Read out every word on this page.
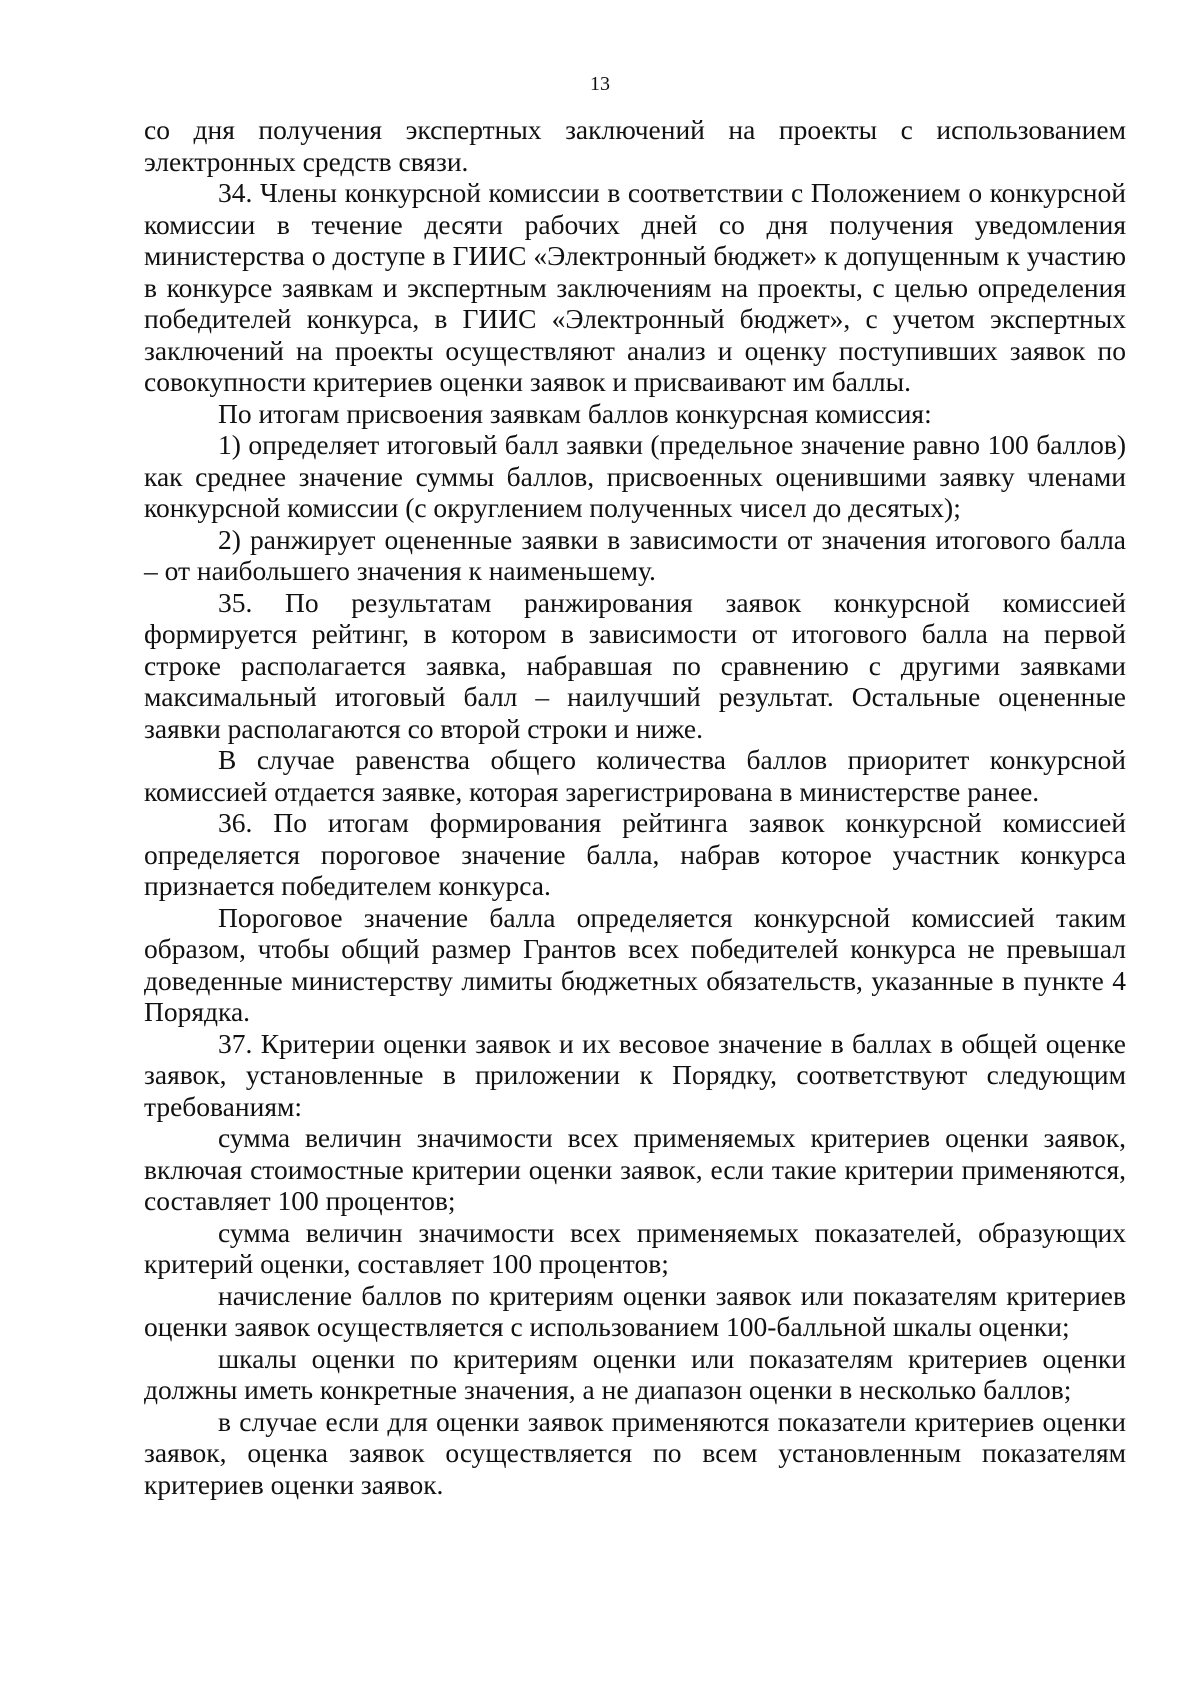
13

со дня получения экспертных заключений на проекты с использованием электронных средств связи.

34. Члены конкурсной комиссии в соответствии с Положением о конкурсной комиссии в течение десяти рабочих дней со дня получения уведомления министерства о доступе в ГИИС «Электронный бюджет» к допущенным к участию в конкурсе заявкам и экспертным заключениям на проекты, с целью определения победителей конкурса, в ГИИС «Электронный бюджет», с учетом экспертных заключений на проекты осуществляют анализ и оценку поступивших заявок по совокупности критериев оценки заявок и присваивают им баллы.

По итогам присвоения заявкам баллов конкурсная комиссия:

1) определяет итоговый балл заявки (предельное значение равно 100 баллов) как среднее значение суммы баллов, присвоенных оценившими заявку членами конкурсной комиссии (с округлением полученных чисел до десятых);

2) ранжирует оцененные заявки в зависимости от значения итогового балла – от наибольшего значения к наименьшему.

35. По результатам ранжирования заявок конкурсной комиссией формируется рейтинг, в котором в зависимости от итогового балла на первой строке располагается заявка, набравшая по сравнению с другими заявками максимальный итоговый балл – наилучший результат. Остальные оцененные заявки располагаются со второй строки и ниже.

В случае равенства общего количества баллов приоритет конкурсной комиссией отдается заявке, которая зарегистрирована в министерстве ранее.

36. По итогам формирования рейтинга заявок конкурсной комиссией определяется пороговое значение балла, набрав которое участник конкурса признается победителем конкурса.

Пороговое значение балла определяется конкурсной комиссией таким образом, чтобы общий размер Грантов всех победителей конкурса не превышал доведенные министерству лимиты бюджетных обязательств, указанные в пункте 4 Порядка.

37. Критерии оценки заявок и их весовое значение в баллах в общей оценке заявок, установленные в приложении к Порядку, соответствуют следующим требованиям:

сумма величин значимости всех применяемых критериев оценки заявок, включая стоимостные критерии оценки заявок, если такие критерии применяются, составляет 100 процентов;

сумма величин значимости всех применяемых показателей, образующих критерий оценки, составляет 100 процентов;

начисление баллов по критериям оценки заявок или показателям критериев оценки заявок осуществляется с использованием 100-балльной шкалы оценки;

шкалы оценки по критериям оценки или показателям критериев оценки должны иметь конкретные значения, а не диапазон оценки в несколько баллов;

в случае если для оценки заявок применяются показатели критериев оценки заявок, оценка заявок осуществляется по всем установленным показателям критериев оценки заявок.
